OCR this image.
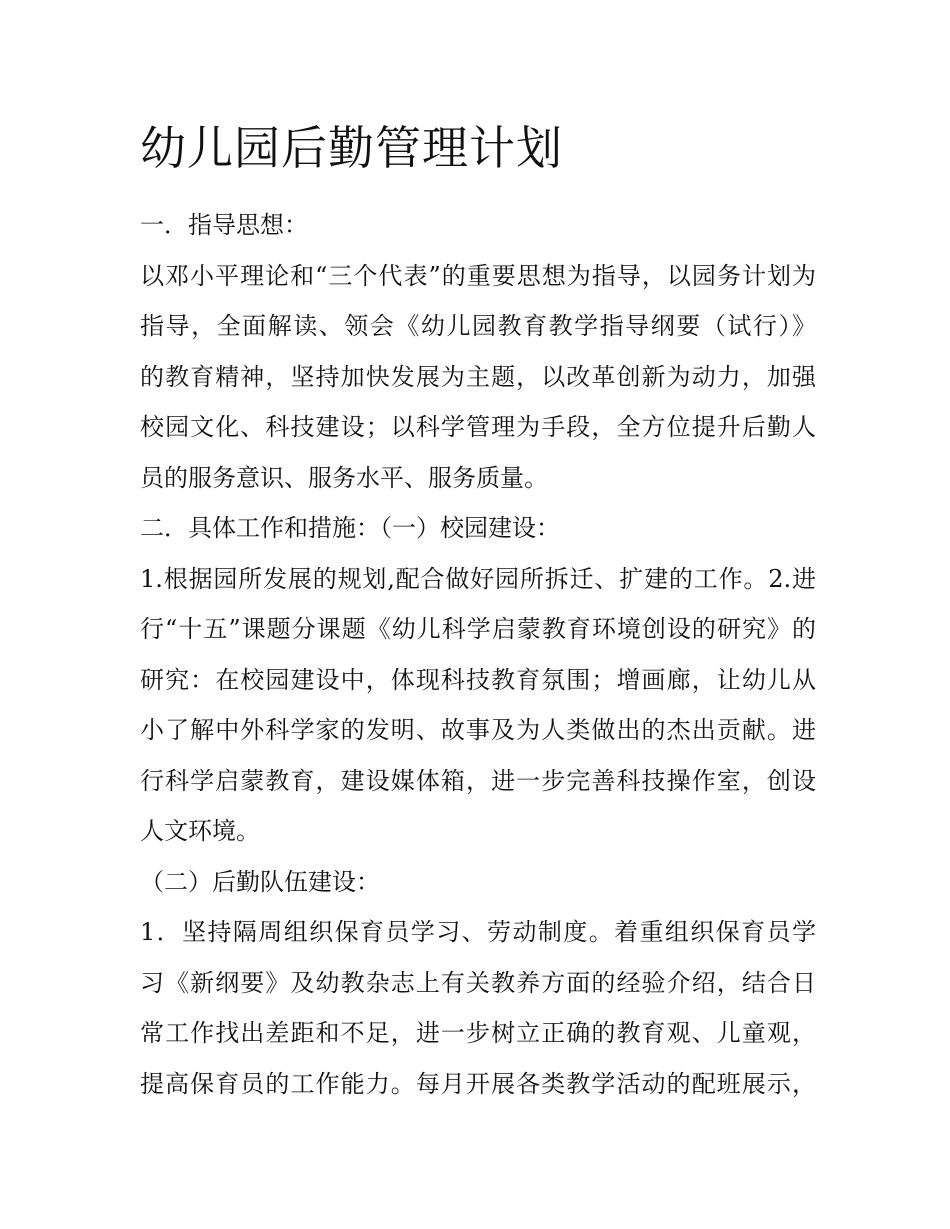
幼儿园后勤管理计划
一．指导思想：
以邓小平理论和“三个代表”的重要思想为指导，以园务计划为
指导，全面解读、领会《幼儿园教育教学指导纲要（试行）》
的教育精神，坚持加快发展为主题，以改革创新为动力，加强
校园文化、科技建设；以科学管理为手段，全方位提升后勤人
员的服务意识、服务水平、服务质量。
二．具体工作和措施：（一）校园建设：
1.根据园所发展的规划,配合做好园所拆迁、扩建的工作。2.进
行“十五”课题分课题《幼儿科学启蒙教育环境创设的研究》的
研究：在校园建设中，体现科技教育氛围；增画廊，让幼儿从
小了解中外科学家的发明、故事及为人类做出的杰出贡献。进
行科学启蒙教育，建设媒体箱，进一步完善科技操作室，创设
人文环境。
（二）后勤队伍建设：
1．坚持隔周组织保育员学习、劳动制度。着重组织保育员学
习《新纲要》及幼教杂志上有关教养方面的经验介绍，结合日
常工作找出差距和不足，进一步树立正确的教育观、儿童观，
提高保育员的工作能力。每月开展各类教学活动的配班展示，
